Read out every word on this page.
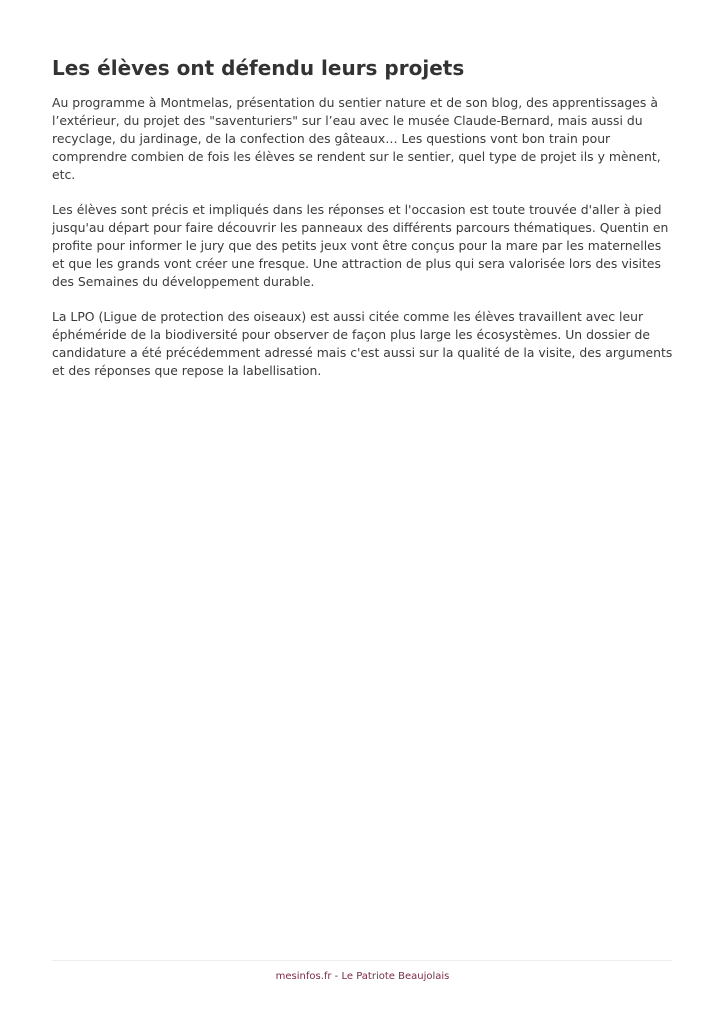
Les élèves ont défendu leurs projets

Au programme à Montmelas, présentation du sentier nature et de son blog, des apprentissages à l’extérieur, du projet des "saventuriers" sur l’eau avec le musée Claude-Bernard, mais aussi du recyclage, du jardinage, de la confection des gâteaux… Les questions vont bon train pour comprendre combien de fois les élèves se rendent sur le sentier, quel type de projet ils y mènent, etc.

Les élèves sont précis et impliqués dans les réponses et l'occasion est toute trouvée d'aller à pied jusqu'au départ pour faire découvrir les panneaux des différents parcours thématiques. Quentin en profite pour informer le jury que des petits jeux vont être conçus pour la mare par les maternelles et que les grands vont créer une fresque. Une attraction de plus qui sera valorisée lors des visites des Semaines du développement durable.

La LPO (Ligue de protection des oiseaux) est aussi citée comme les élèves travaillent avec leur éphéméride de la biodiversité pour observer de façon plus large les écosystèmes. Un dossier de candidature a été précédemment adressé mais c'est aussi sur la qualité de la visite, des arguments et des réponses que repose la labellisation.

mesinfos.fr - Le Patriote Beaujolais
